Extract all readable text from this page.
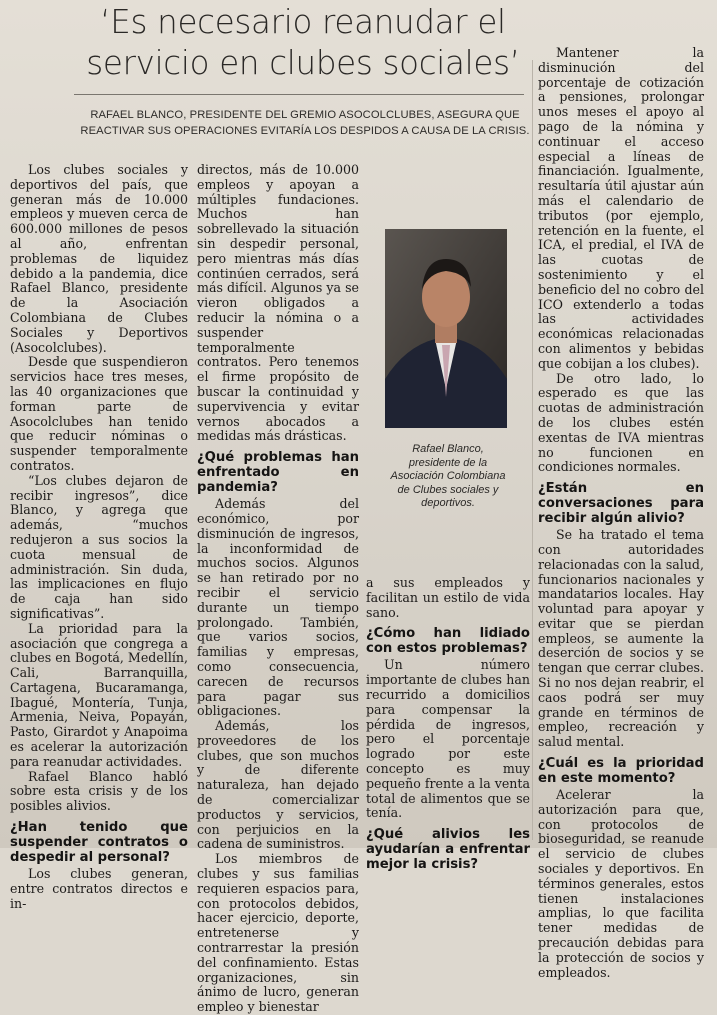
‘Es necesario reanudar el servicio en clubes sociales’
RAFAEL BLANCO, PRESIDENTE DEL GREMIO ASOCOLCLUBES, ASEGURA QUE REACTIVAR SUS OPERACIONES EVITARÍA LOS DESPIDOS A CAUSA DE LA CRISIS.

Los clubes sociales y deportivos del país, que generan más de 10.000 empleos y mueven cerca de 600.000 millones de pesos al año, enfrentan problemas de liquidez debido a la pandemia, dice Rafael Blanco, presidente de la Asociación Colombiana de Clubes Sociales y Deportivos (Asocolclubes).

Desde que suspendieron servicios hace tres meses, las 40 organizaciones que forman parte de Asocolclubes han tenido que reducir nóminas o suspender temporalmente contratos.

“Los clubes dejaron de recibir ingresos”, dice Blanco, y agrega que además, “muchos redujeron a sus socios la cuota mensual de administración. Sin duda, las implicaciones en flujo de caja han sido significativas”.

La prioridad para la asociación que congrega a clubes en Bogotá, Medellín, Cali, Barranquilla, Cartagena, Bucaramanga, Ibagué, Montería, Tunja, Armenia, Neiva, Popayán, Pasto, Girardot y Anapoima es acelerar la autorización para reanudar actividades.

Rafael Blanco habló sobre esta crisis y de los posibles alivios.

¿Han tenido que suspender contratos o despedir al personal?

Los clubes generan, entre contratos directos e in-

directos, más de 10.000 empleos y apoyan a múltiples fundaciones. Muchos han sobrellevado la situación sin despedir personal, pero mientras más días continúen cerrados, será más difícil. Algunos ya se vieron obligados a reducir la nómina o a suspender temporalmente contratos. Pero tenemos el firme propósito de buscar la continuidad y supervivencia y evitar vernos abocados a medidas más drásticas.

¿Qué problemas han enfrentado en pandemia?

Además del económico, por disminución de ingresos, la inconformidad de muchos socios. Algunos se han retirado por no recibir el servicio durante un tiempo prolongado. También, que varios socios, familias y empresas, como consecuencia, carecen de recursos para pagar sus obligaciones.

Además, los proveedores de los clubes, que son muchos y de diferente naturaleza, han dejado de comercializar productos y servicios, con perjuicios en la cadena de suministros.

Los miembros de clubes y sus familias requieren espacios para, con protocolos debidos, hacer ejercicio, deporte, entretenerse y contrarrestar la presión del confinamiento. Estas organizaciones, sin ánimo de lucro, generan empleo y bienestar

Rafael Blanco, presidente de la Asociación Colombiana de Clubes sociales y deportivos.

a sus empleados y facilitan un estilo de vida sano.

¿Cómo han lidiado con estos problemas?

Un número importante de clubes han recurrido a domicilios para compensar la pérdida de ingresos, pero el porcentaje logrado por este concepto es muy pequeño frente a la venta total de alimentos que se tenía.

¿Qué alivios les ayudarían a enfrentar mejor la crisis?

Mantener la disminución del porcentaje de cotización a pensiones, prolongar unos meses el apoyo al pago de la nómina y continuar el acceso especial a líneas de financiación. Igualmente, resultaría útil ajustar aún más el calendario de tributos (por ejemplo, retención en la fuente, el ICA, el predial, el IVA de las cuotas de sostenimiento y el beneficio del no cobro del ICO extenderlo a todas las actividades económicas relacionadas con alimentos y bebidas que cobijan a los clubes).

De otro lado, lo esperado es que las cuotas de administración de los clubes estén exentas de IVA mientras no funcionen en condiciones normales.

¿Están en conversaciones para recibir algún alivio?

Se ha tratado el tema con autoridades relacionadas con la salud, funcionarios nacionales y mandatarios locales. Hay voluntad para apoyar y evitar que se pierdan empleos, se aumente la deserción de socios y se tengan que cerrar clubes. Si no nos dejan reabrir, el caos podrá ser muy grande en términos de empleo, recreación y salud mental.

¿Cuál es la prioridad en este momento?

Acelerar la autorización para que, con protocolos de bioseguridad, se reanude el servicio de clubes sociales y deportivos. En términos generales, estos tienen instalaciones amplias, lo que facilita tener medidas de precaución debidas para la protección de socios y empleados.
